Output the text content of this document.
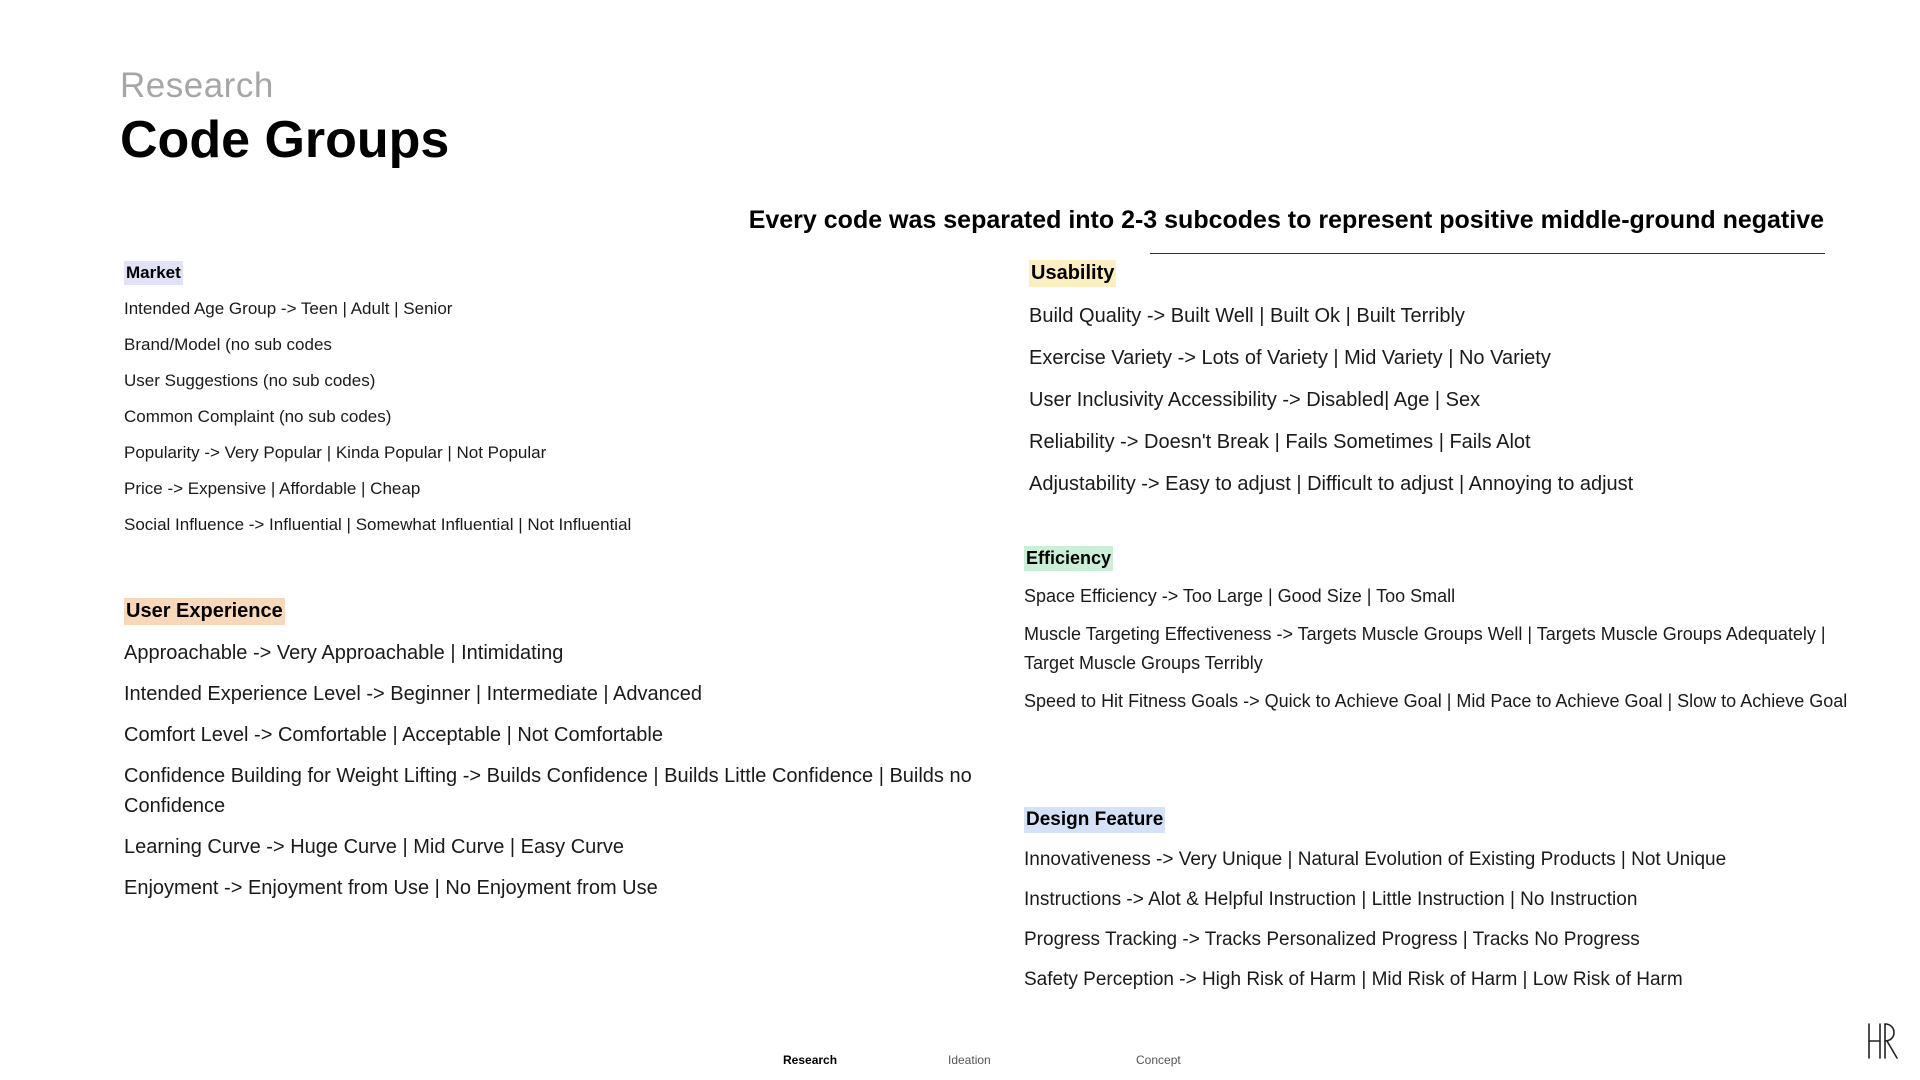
Research
Code Groups
Every code was separated into 2-3 subcodes to represent positive middle-ground negative
Market
Intended Age Group -> Teen | Adult | Senior
Brand/Model (no sub codes
User Suggestions (no sub codes)
Common Complaint (no sub codes)
Popularity -> Very Popular | Kinda Popular | Not Popular
Price -> Expensive | Affordable | Cheap
Social Influence -> Influential | Somewhat Influential | Not Influential
User Experience
Approachable -> Very Approachable | Intimidating
Intended Experience Level -> Beginner | Intermediate | Advanced
Comfort Level -> Comfortable | Acceptable | Not Comfortable
Confidence Building for Weight Lifting -> Builds Confidence | Builds Little Confidence | Builds no Confidence
Learning Curve -> Huge Curve | Mid Curve | Easy Curve
Enjoyment -> Enjoyment from Use | No Enjoyment from Use
Usability
Build Quality -> Built Well | Built Ok | Built Terribly
Exercise Variety -> Lots of Variety | Mid Variety | No Variety
User Inclusivity Accessibility -> Disabled| Age | Sex
Reliability -> Doesn't Break | Fails Sometimes | Fails Alot
Adjustability -> Easy to adjust | Difficult to adjust | Annoying to adjust
Efficiency
Space Efficiency -> Too Large | Good Size | Too Small
Muscle Targeting Effectiveness -> Targets Muscle Groups Well | Targets Muscle Groups Adequately | Target Muscle Groups Terribly
Speed to Hit Fitness Goals -> Quick to Achieve Goal | Mid Pace to Achieve Goal | Slow to Achieve Goal
Design Feature
Innovativeness -> Very Unique | Natural Evolution of Existing Products | Not Unique
Instructions -> Alot & Helpful Instruction | Little Instruction | No Instruction
Progress Tracking -> Tracks Personalized Progress | Tracks No Progress
Safety Perception -> High Risk of Harm | Mid Risk of Harm | Low Risk of Harm
Research	Ideation	Concept
